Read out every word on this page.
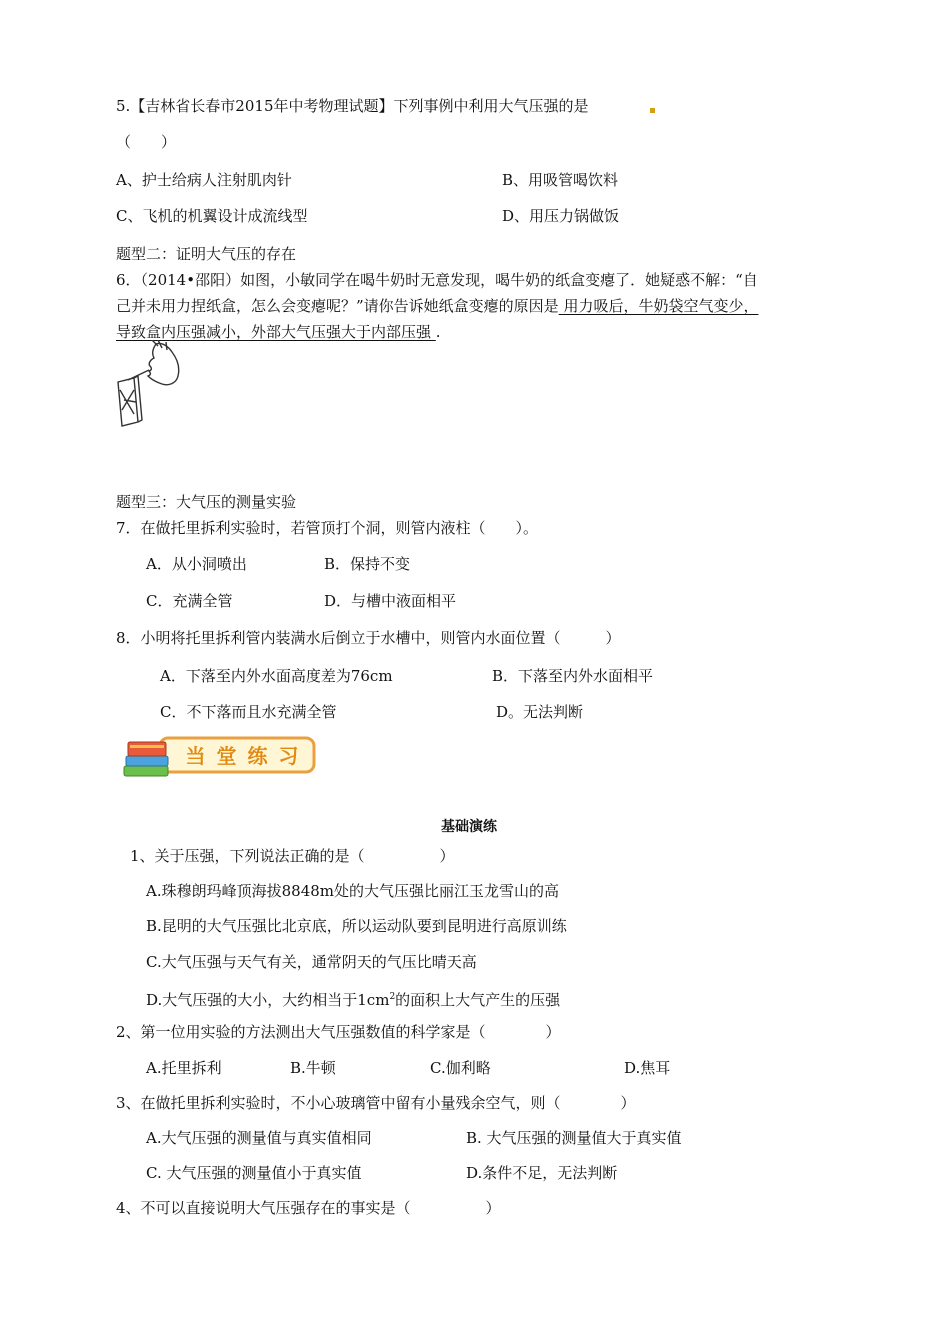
5.【吉林省长春市2015年中考物理试题】下列事例中利用大气压强的是
（　　）
A、护士给病人注射肌肉针	B、用吸管喝饮料
C、飞机的机翼设计成流线型	D、用压力锅做饭
题型二：证明大气压的存在
6．（2014•邵阳）如图，小敏同学在喝牛奶时无意发现，喝牛奶的纸盒变瘪了．她疑惑不解：“自
己并未用力捏纸盒，怎么会变瘪呢？”请你告诉她纸盒变瘪的原因是 用力吸后，牛奶袋空气变少，
导致盒内压强减小，外部大气压强大于内部压强 .
题型三：大气压的测量实验
7．在做托里拆利实验时，若管顶打个洞，则管内液柱（　　）。
A．从小洞喷出	B．保持不变
C．充满全管	D．与槽中液面相平
8．小明将托里拆利管内装满水后倒立于水槽中，则管内水面位置（　　　）
A．下落至内外水面高度差为76cm	B．下落至内外水面相平
C．不下落而且水充满全管	D。无法判断
当 堂 练 习
基础演练
1、关于压强，下列说法正确的是（　　　　　）
A.珠穆朗玛峰顶海拔8848m处的大气压强比丽江玉龙雪山的高
B.昆明的大气压强比北京底，所以运动队要到昆明进行高原训练
C.大气压强与天气有关，通常阴天的气压比晴天高
D.大气压强的大小，大约相当于$1cm^2$的面积上大气产生的压强
2、第一位用实验的方法测出大气压强数值的科学家是（　　　　）
A.托里拆利	B.牛顿	C.伽利略	D.焦耳
3、在做托里拆利实验时，不小心玻璃管中留有小量残余空气，则（　　　　）
A.大气压强的测量值与真实值相同	B. 大气压强的测量值大于真实值
C. 大气压强的测量值小于真实值	D.条件不足，无法判断
4、不可以直接说明大气压强存在的事实是（　　　　　）
